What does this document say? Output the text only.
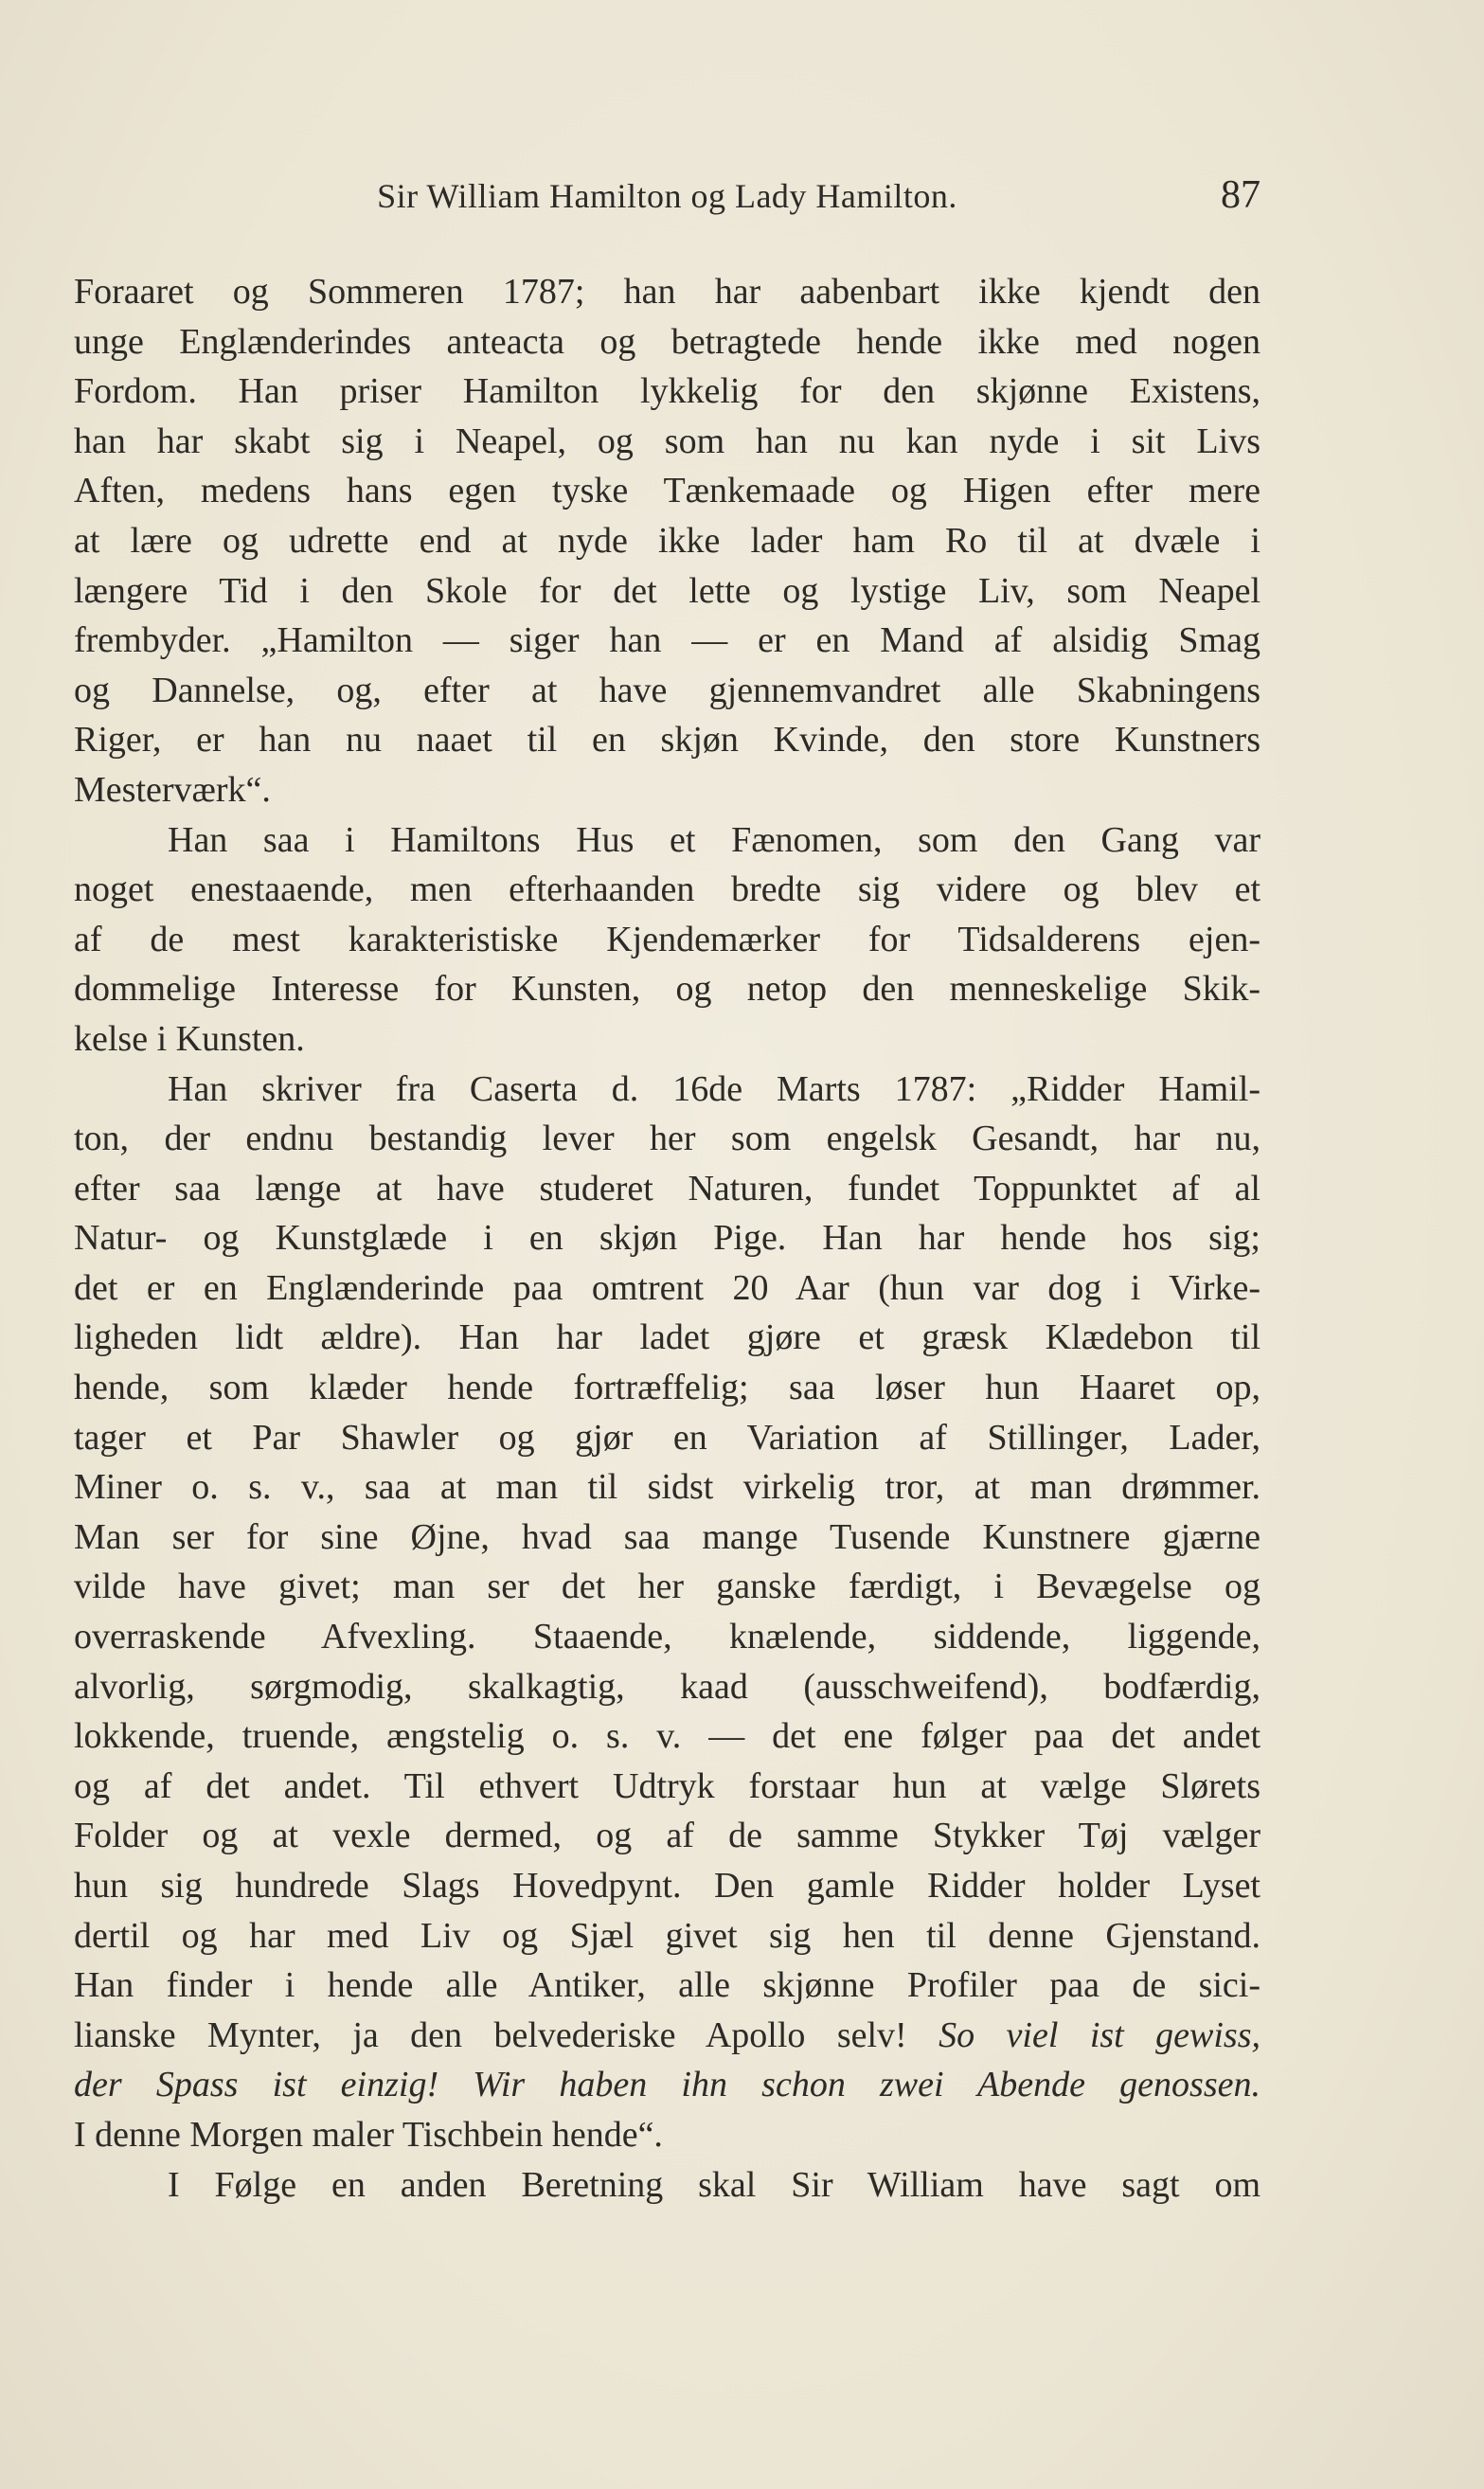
Sir William Hamilton og Lady Hamilton.	87
Foraaret og Sommeren 1787; han har aabenbart ikke kjendt den
unge Englænderindes anteacta og betragtede hende ikke med nogen
Fordom. Han priser Hamilton lykkelig for den skjønne Existens,
han har skabt sig i Neapel, og som han nu kan nyde i sit Livs
Aften, medens hans egen tyske Tænkemaade og Higen efter mere
at lære og udrette end at nyde ikke lader ham Ro til at dvæle i
længere Tid i den Skole for det lette og lystige Liv, som Neapel
frembyder. „Hamilton — siger han — er en Mand af alsidig Smag
og Dannelse, og, efter at have gjennemvandret alle Skabningens
Riger, er han nu naaet til en skjøn Kvinde, den store Kunstners
Mesterværk“.
Han saa i Hamiltons Hus et Fænomen, som den Gang var
noget enestaaende, men efterhaanden bredte sig videre og blev et
af de mest karakteristiske Kjendemærker for Tidsalderens ejen-
dommelige Interesse for Kunsten, og netop den menneskelige Skik-
kelse i Kunsten.
Han skriver fra Caserta d. 16de Marts 1787: „Ridder Hamil-
ton, der endnu bestandig lever her som engelsk Gesandt, har nu,
efter saa længe at have studeret Naturen, fundet Toppunktet af al
Natur- og Kunstglæde i en skjøn Pige. Han har hende hos sig;
det er en Englænderinde paa omtrent 20 Aar (hun var dog i Virke-
ligheden lidt ældre). Han har ladet gjøre et græsk Klædebon til
hende, som klæder hende fortræffelig; saa løser hun Haaret op,
tager et Par Shawler og gjør en Variation af Stillinger, Lader,
Miner o. s. v., saa at man til sidst virkelig tror, at man drømmer.
Man ser for sine Øjne, hvad saa mange Tusende Kunstnere gjærne
vilde have givet; man ser det her ganske færdigt, i Bevægelse og
overraskende Afvexling. Staaende, knælende, siddende, liggende,
alvorlig, sørgmodig, skalkagtig, kaad (ausschweifend), bodfærdig,
lokkende, truende, ængstelig o. s. v. — det ene følger paa det andet
og af det andet. Til ethvert Udtryk forstaar hun at vælge Slørets
Folder og at vexle dermed, og af de samme Stykker Tøj vælger
hun sig hundrede Slags Hovedpynt. Den gamle Ridder holder Lyset
dertil og har med Liv og Sjæl givet sig hen til denne Gjenstand.
Han finder i hende alle Antiker, alle skjønne Profiler paa de sici-
lianske Mynter, ja den belvederiske Apollo selv! So viel ist gewiss,
der Spass ist einzig! Wir haben ihn schon zwei Abende genossen.
I denne Morgen maler Tischbein hende“.
I Følge en anden Beretning skal Sir William have sagt om
